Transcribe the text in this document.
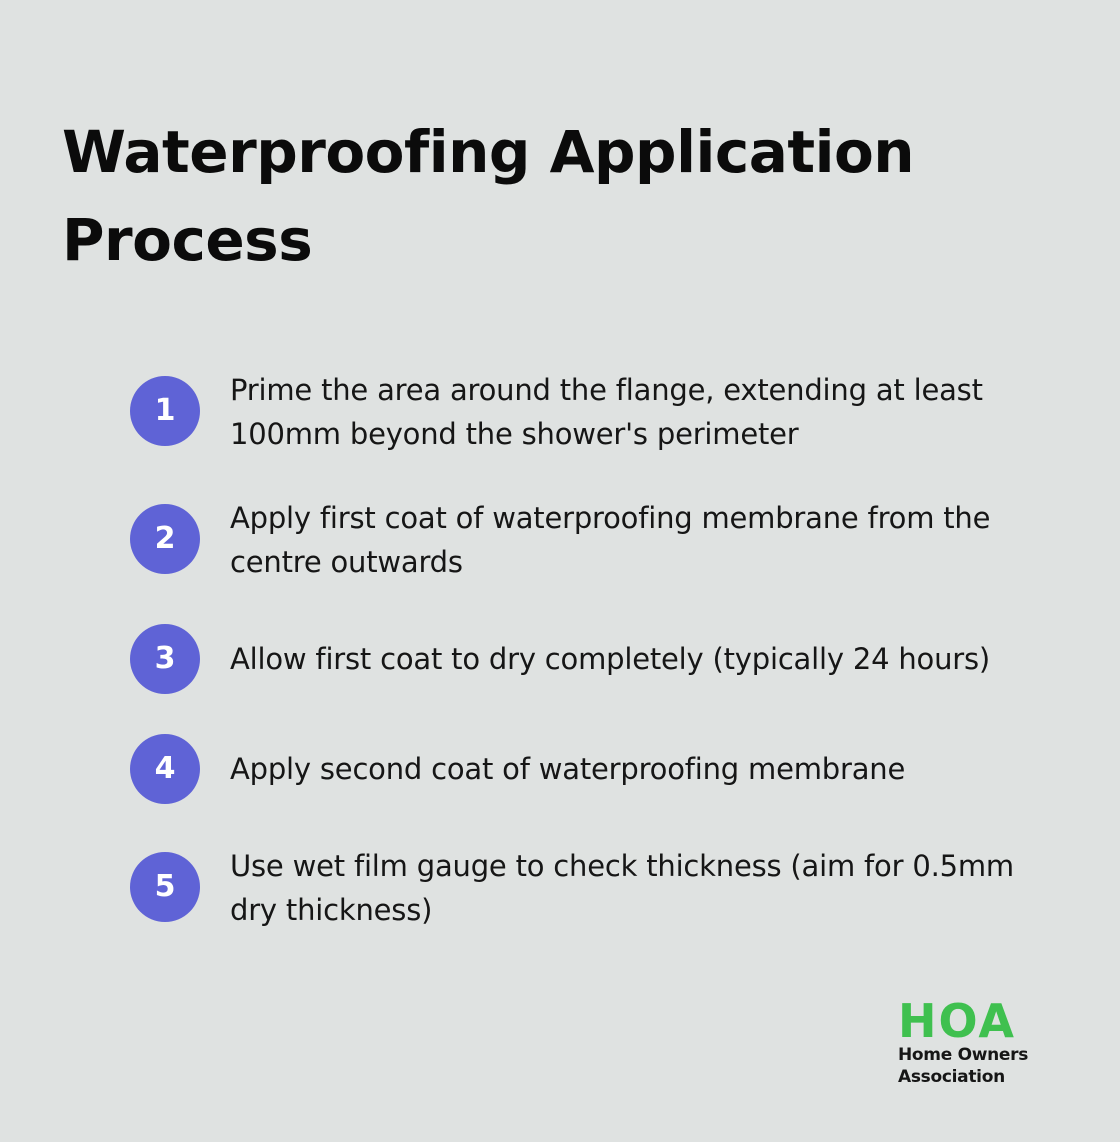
Waterproofing Application Process
1
Prime the area around the flange, extending at least 100mm beyond the shower's perimeter
2
Apply first coat of waterproofing membrane from the centre outwards
3	Allow first coat to dry completely (typically 24 hours)
4	Apply second coat of waterproofing membrane
5
Use wet film gauge to check thickness (aim for 0.5mm dry thickness)
HOA
Home Owners Association
